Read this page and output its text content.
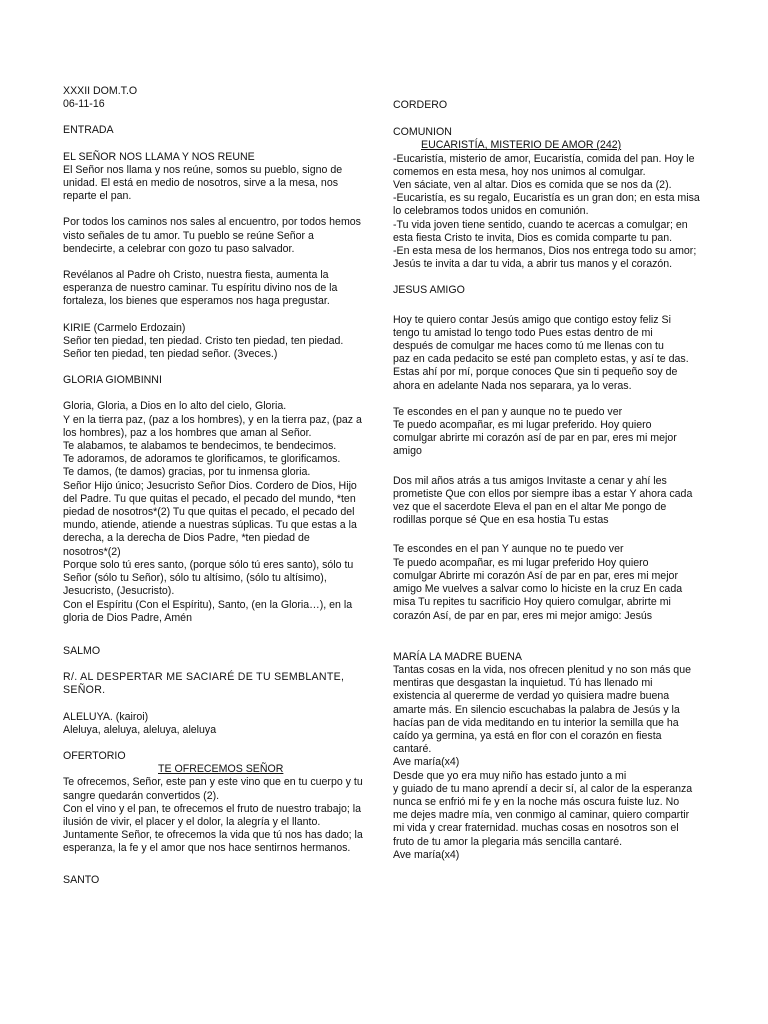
XXXII DOM.T.O
06-11-16
ENTRADA
EL SEÑOR NOS LLAMA Y NOS REUNE
El Señor nos llama y nos reúne, somos su pueblo, signo de
unidad. El está en medio de nosotros, sirve a la mesa, nos
reparte el pan.
Por todos los caminos nos sales al encuentro, por todos hemos
visto señales de tu amor. Tu pueblo se reúne Señor a
bendecirte, a celebrar con gozo tu paso salvador.
Revélanos al Padre oh Cristo, nuestra fiesta, aumenta la
esperanza de nuestro caminar. Tu espíritu divino nos de la
fortaleza, los bienes que esperamos nos haga pregustar.
KIRIE (Carmelo Erdozain)
Señor ten piedad, ten piedad. Cristo ten piedad, ten piedad.
Señor ten piedad, ten piedad señor. (3veces.)
GLORIA GIOMBINNI
Gloria, Gloria, a Dios en lo alto del cielo, Gloria.
Y en la tierra paz, (paz a los hombres), y en la tierra paz, (paz a
los hombres), paz a los hombres que aman al Señor.
Te alabamos, te alabamos te bendecimos, te bendecimos.
Te adoramos, de adoramos te glorificamos, te glorificamos.
Te damos, (te damos) gracias, por tu inmensa gloria.
Señor Hijo único; Jesucristo Señor Dios. Cordero de Dios, Hijo
del Padre. Tu que quitas el pecado, el pecado del mundo, *ten
piedad de nosotros*(2) Tu que quitas el pecado, el pecado del
mundo, atiende, atiende a nuestras súplicas. Tu que estas a la
derecha, a la derecha de Dios Padre, *ten piedad de
nosotros*(2)
Porque solo tú eres santo, (porque sólo tú eres santo), sólo tu
Señor (sólo tu Señor), sólo tu altísimo, (sólo tu altísimo),
Jesucristo, (Jesucristo).
Con el Espíritu (Con el Espíritu), Santo, (en la Gloria…), en la
gloria de Dios Padre, Amén
SALMO
R/. AL DESPERTAR ME SACIARÉ DE TU SEMBLANTE,
SEÑOR.
ALELUYA. (kairoi)
Aleluya, aleluya, aleluya, aleluya
OFERTORIO
TE OFRECEMOS SEÑOR
Te ofrecemos, Señor, este pan y este vino que en tu cuerpo y tu
sangre quedarán convertidos (2).
Con el vino y el pan, te ofrecemos el fruto de nuestro trabajo; la
ilusión de vivir, el placer y el dolor, la alegría y el llanto.
Juntamente Señor, te ofrecemos la vida que tú nos has dado; la
esperanza, la fe y el amor que nos hace sentirnos hermanos.
SANTO
CORDERO
COMUNION
EUCARISTÍA, MISTERIO DE AMOR (242)
-Eucaristía, misterio de amor, Eucaristía, comida del pan. Hoy le
comemos en esta mesa, hoy nos unimos al comulgar.
Ven sáciate, ven al altar. Dios es comida que se nos da (2).
-Eucaristía, es su regalo, Eucaristía es un gran don; en esta misa
lo celebramos todos unidos en comunión.
-Tu vida joven tiene sentido, cuando te acercas a comulgar; en
esta fiesta Cristo te invita, Dios es comida comparte tu pan.
-En esta mesa de los hermanos, Dios nos entrega todo su amor;
Jesús te invita a dar tu vida, a abrir tus manos y el corazón.
JESUS AMIGO
Hoy te quiero contar Jesús amigo que contigo estoy feliz Si
tengo tu amistad lo tengo todo Pues estas dentro de mi
después de comulgar me haces como tú me llenas con tu
paz en cada pedacito se esté pan completo estas, y así te das.
Estas ahí por mí, porque conoces Que sin ti pequeño soy de
ahora en adelante Nada nos separara, ya lo veras.
Te escondes en el pan y aunque no te puedo ver
Te puedo acompañar, es mi lugar preferido. Hoy quiero
comulgar abrirte mi corazón así de par en par, eres mi mejor
amigo
Dos mil años atrás a tus amigos Invitaste a cenar y ahí les
prometiste Que con ellos por siempre ibas a estar Y ahora cada
vez que el sacerdote Eleva el pan en el altar Me pongo de
rodillas porque sé Que en esa hostia Tu estas
Te escondes en el pan Y aunque no te puedo ver
Te puedo acompañar, es mi lugar preferido Hoy quiero
comulgar Abrirte mi corazón Así de par en par, eres mi mejor
amigo Me vuelves a salvar como lo hiciste en la cruz En cada
misa Tu repites tu sacrificio Hoy quiero comulgar, abrirte mi
corazón Así, de par en par, eres mi mejor amigo: Jesús
MARÍA LA MADRE BUENA
Tantas cosas en la vida, nos ofrecen plenitud y no son más que
mentiras que desgastan la inquietud. Tú has llenado mi
existencia al quererme de verdad yo quisiera madre buena
amarte más. En silencio escuchabas la palabra de Jesús y la
hacías pan de vida meditando en tu interior la semilla que ha
caído ya germina, ya está en flor con el corazón en fiesta
cantaré.
Ave maría(x4)
Desde que yo era muy niño has estado junto a mi
y guiado de tu mano aprendí a decir sí, al calor de la esperanza
nunca se enfrió mi fe y en la noche más oscura fuiste luz. No
me dejes madre mía, ven conmigo al caminar, quiero compartir
mi vida y crear fraternidad. muchas cosas en nosotros son el
fruto de tu amor la plegaria más sencilla cantaré.
Ave maría(x4)
